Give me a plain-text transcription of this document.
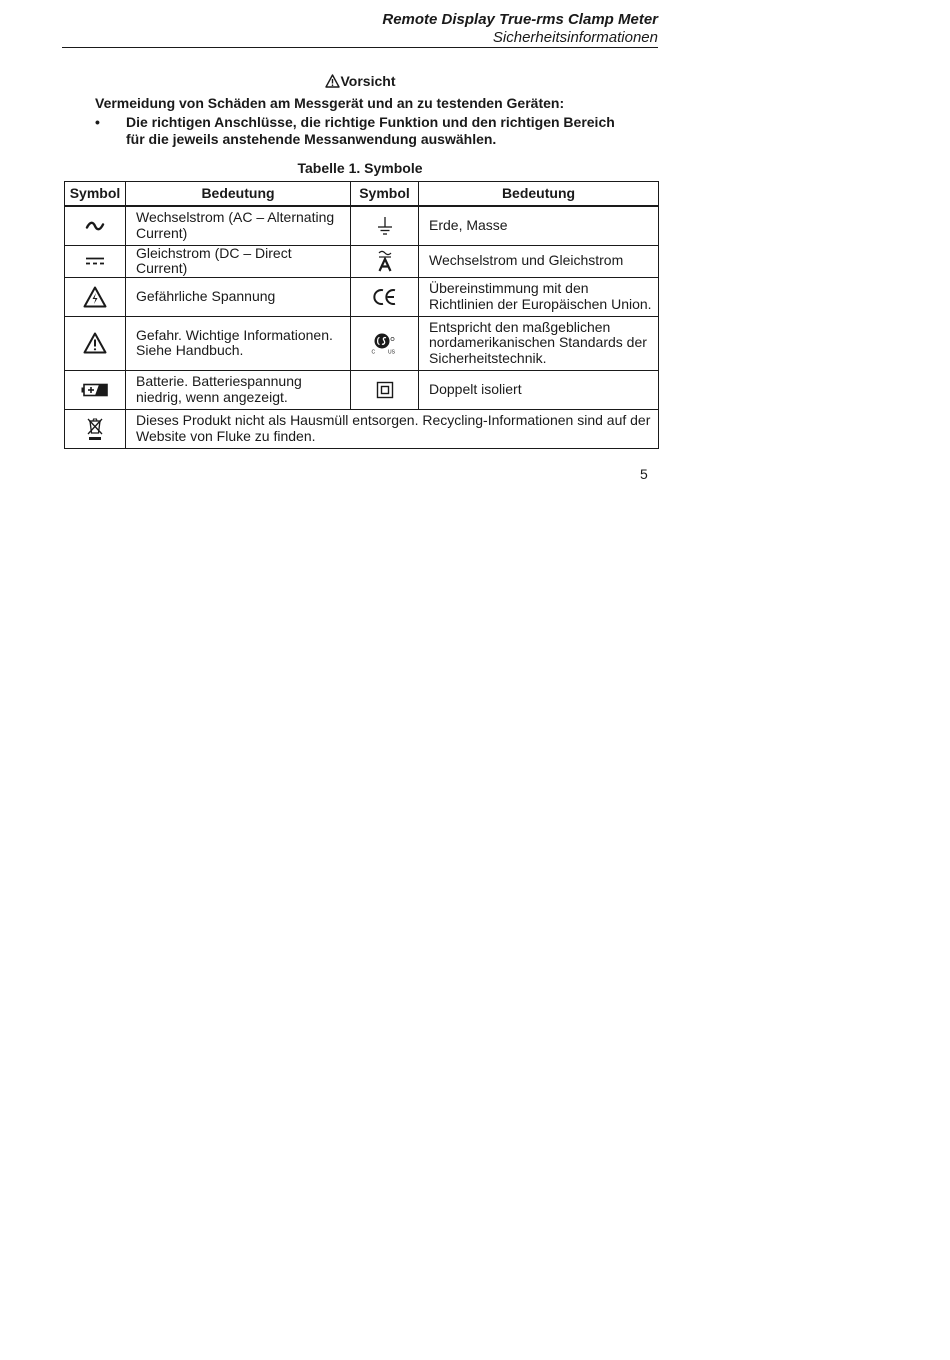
Remote Display True-rms Clamp Meter
Sicherheitsinformationen
Vorsicht
Vermeidung von Schäden am Messgerät und an zu testenden Geräten:
• Die richtigen Anschlüsse, die richtige Funktion und den richtigen Bereich für die jeweils anstehende Messanwendung auswählen.
Tabelle 1. Symbole
Symbol	Bedeutung	Symbol	Bedeutung

	Wechselstrom (AC – Alternating Current)		Erde, Masse

	Gleichstrom (DC – Direct Current)		Wechselstrom und Gleichstrom

	Gefährliche Spannung		Übereinstimmung mit den Richtlinien der Europäischen Union.

	Gefahr. Wichtige Informationen. Siehe Handbuch.	C US	Entspricht den maßgeblichen nordamerikanischen Standards der Sicherheitstechnik.

	Batterie. Batteriespannung niedrig, wenn angezeigt.		Doppelt isoliert

	Dieses Produkt nicht als Hausmüll entsorgen. Recycling-Informationen sind auf der Website von Fluke zu finden.		
5
